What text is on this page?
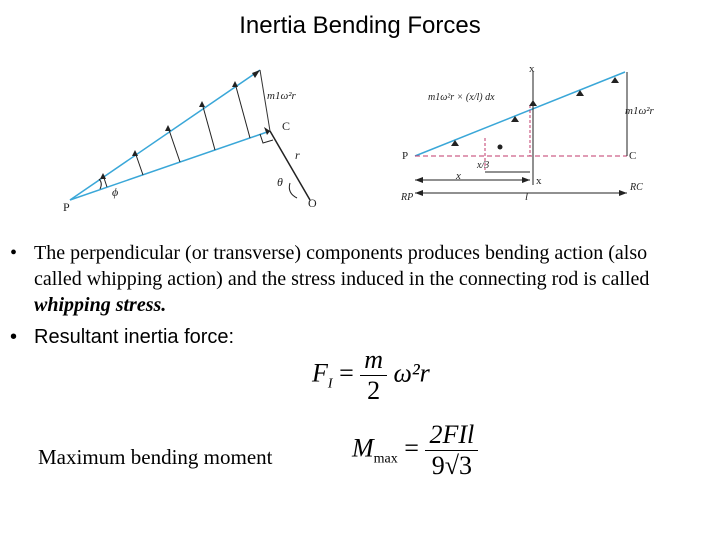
Inertia Bending Forces
m1ω²r
C
r
θ
O
ϕ
P
x
m1ω²r × (x/l) dx
m1ω²r
P	C
x/3
x	x
RP	l
RC
• The perpendicular (or transverse) components produces bending action (also called whipping action) and the stress induced in the connecting rod is called whipping stress.
• Resultant inertia force:
$F_I = \frac{m}{2} \omega^2r$
Maximum bending moment	$M_{max} = \frac{\text{2FIl}}{9√3}$
